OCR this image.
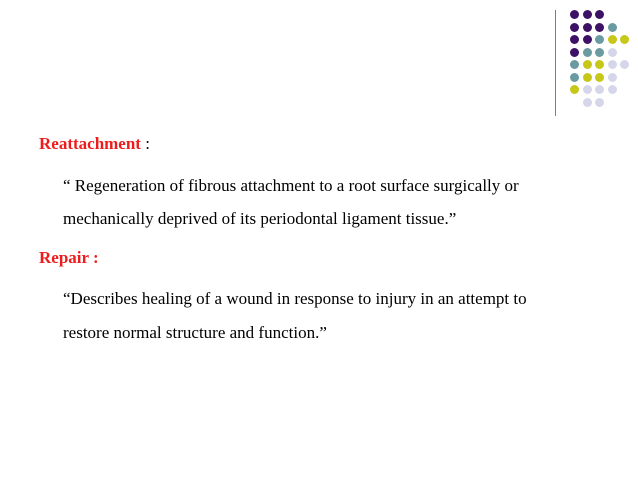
Reattachment :
“ Regeneration of fibrous attachment to a root surface surgically or
mechanically deprived of its periodontal ligament tissue.”
Repair :
“Describes healing of a wound in response to injury in an attempt to
restore normal structure and function.”
